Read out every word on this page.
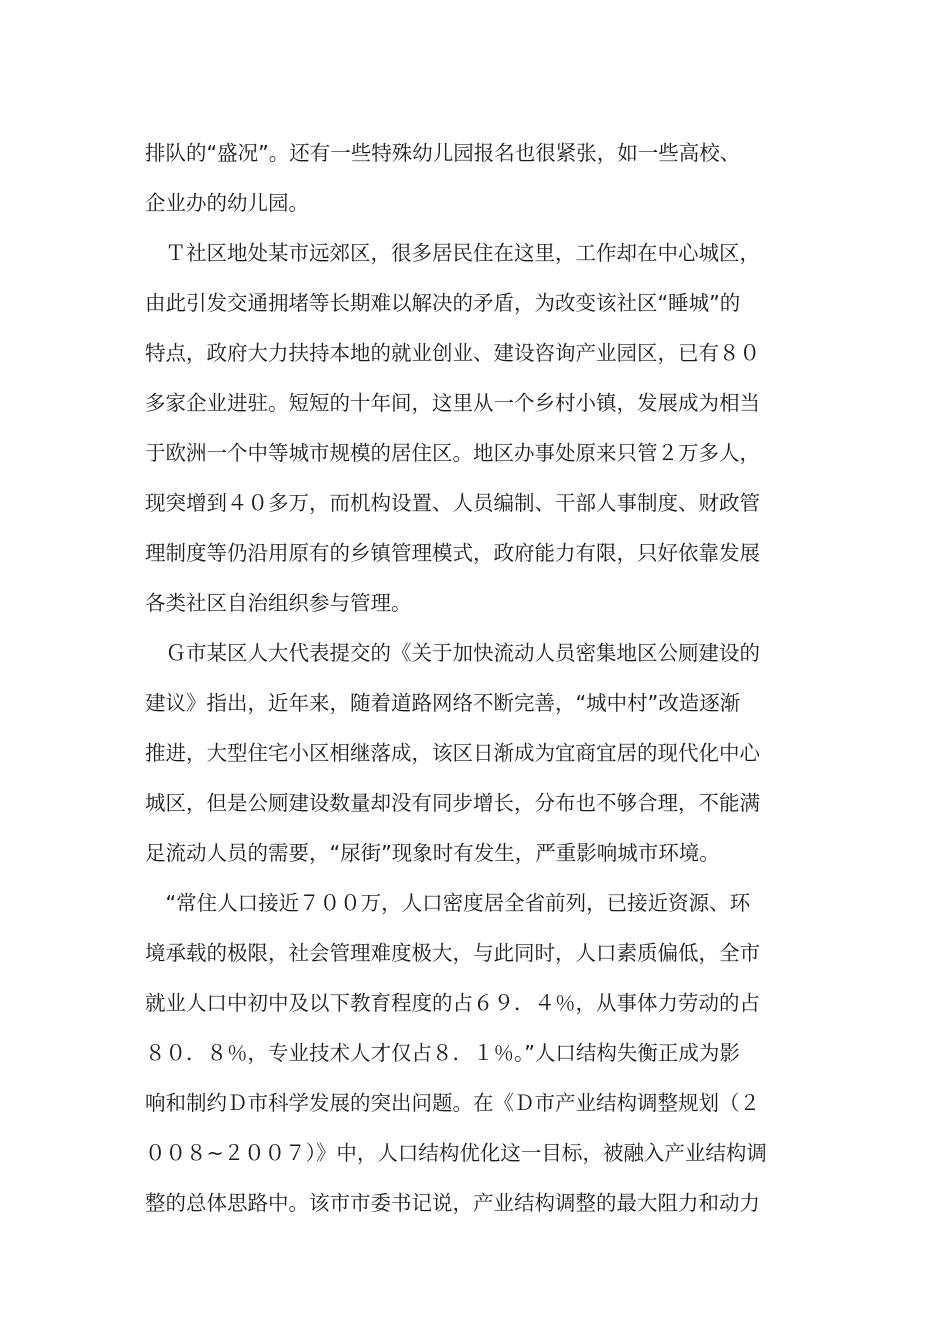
排队的“盛况”。还有一些特殊幼儿园报名也很紧张，如一些高校、
企业办的幼儿园。
　Ｔ社区地处某市远郊区，很多居民住在这里，工作却在中心城区，
由此引发交通拥堵等长期难以解决的矛盾，为改变该社区“睡城”的
特点，政府大力扶持本地的就业创业、建设咨询产业园区，已有８０
多家企业进驻。短短的十年间，这里从一个乡村小镇，发展成为相当
于欧洲一个中等城市规模的居住区。地区办事处原来只管２万多人，
现突增到４０多万，而机构设置、人员编制、干部人事制度、财政管
理制度等仍沿用原有的乡镇管理模式，政府能力有限，只好依靠发展
各类社区自治组织参与管理。
　Ｇ市某区人大代表提交的《关于加快流动人员密集地区公厕建设的
建议》指出，近年来，随着道路网络不断完善，“城中村”改造逐渐
推进，大型住宅小区相继落成，该区日渐成为宜商宜居的现代化中心
城区，但是公厕建设数量却没有同步增长，分布也不够合理，不能满
足流动人员的需要，“尿街”现象时有发生，严重影响城市环境。
　“常住人口接近７００万，人口密度居全省前列，已接近资源、环
境承载的极限，社会管理难度极大，与此同时，人口素质偏低，全市
就业人口中初中及以下教育程度的占６９．４％，从事体力劳动的占
８０．８％，专业技术人才仅占８．１％。”人口结构失衡正成为影
响和制约Ｄ市科学发展的突出问题。在《Ｄ市产业结构调整规划（２
００８~２００７）》中，人口结构优化这一目标，被融入产业结构调
整的总体思路中。该市市委书记说，产业结构调整的最大阻力和动力
